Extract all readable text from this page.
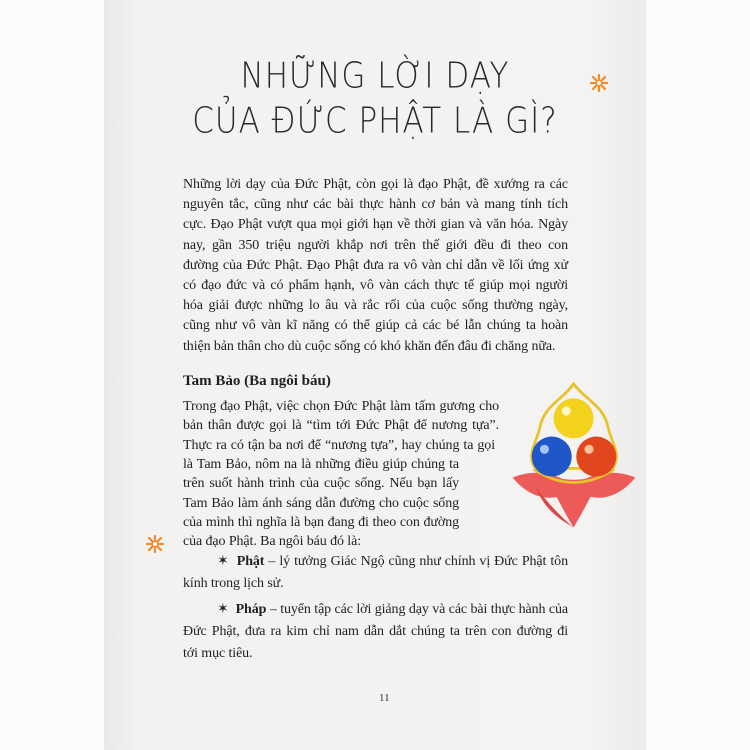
NHỮNG LỜI DẠY
CỦA ĐỨC PHẬT LÀ GÌ?
Những lời dạy của Đức Phật, còn gọi là đạo Phật, đề xướng ra các
nguyên tắc, cũng như các bài thực hành cơ bản và mang tính tích
cực. Đạo Phật vượt qua mọi giới hạn về thời gian và văn hóa. Ngày
nay, gần 350 triệu người khắp nơi trên thế giới đều đi theo con
đường của Đức Phật. Đạo Phật đưa ra vô vàn chỉ dẫn về lối ứng xử
có đạo đức và có phẩm hạnh, vô vàn cách thực tế giúp mọi người
hóa giải được những lo âu và rắc rối của cuộc sống thường ngày,
cũng như vô vàn kĩ năng có thể giúp cả các bé lẫn chúng ta hoàn
thiện bản thân cho dù cuộc sống có khó khăn đến đâu đi chăng nữa.
Tam Bảo (Ba ngôi báu)
Trong đạo Phật, việc chọn Đức Phật làm tấm gương cho
bản thân được gọi là “tìm tới Đức Phật để nương tựa”.
Thực ra có tận ba nơi để “nương tựa”, hay chúng ta gọi
là Tam Bảo, nôm na là những điều giúp chúng ta
trên suốt hành trình của cuộc sống. Nếu bạn lấy
Tam Bảo làm ánh sáng dẫn đường cho cuộc sống
của mình thì nghĩa là bạn đang đi theo con đường
của đạo Phật. Ba ngôi báu đó là:
✶ Phật – lý tưởng Giác Ngộ cũng như chính vị Đức Phật tôn
kính trong lịch sử.
✶ Pháp – tuyển tập các lời giảng dạy và các bài thực hành của
Đức Phật, đưa ra kim chỉ nam dẫn dắt chúng ta trên con đường đi
tới mục tiêu.
11
